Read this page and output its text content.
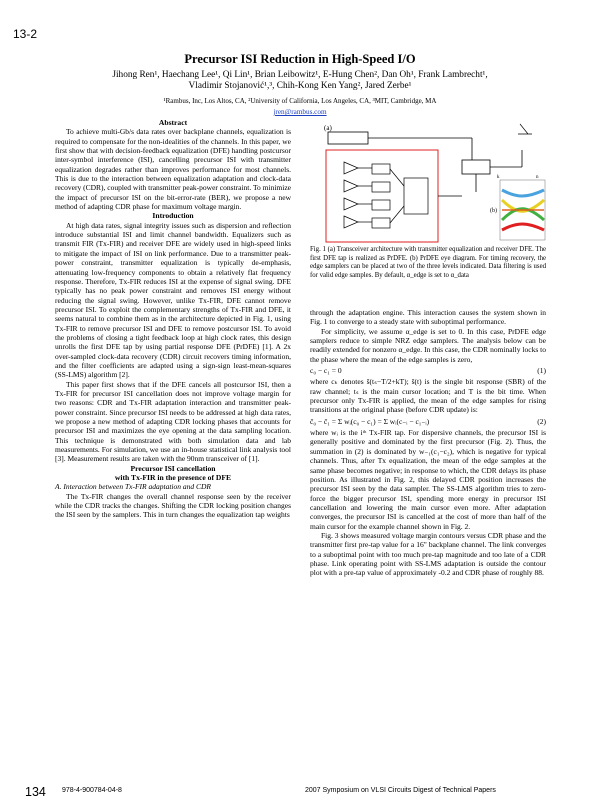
13-2
Precursor ISI Reduction in High-Speed I/O
Jihong Ren¹, Haechang Lee¹, Qi Lin¹, Brian Leibowitz¹, E-Hung Chen², Dan Oh¹, Frank Lambrecht¹,
Vladimir Stojanović¹,³, Chih-Kong Ken Yang², Jared Zerbe¹
¹Rambus, Inc, Los Altos, CA, ²University of California, Los Angeles, CA, ³MIT, Cambridge, MA
jren@rambus.com
Abstract

To achieve multi-Gb/s data rates over backplane channels, equalization is required to compensate for the non-idealities of the channels. In this paper, we first show that with decision-feedback equalization (DFE) handling postcursor inter-symbol interference (ISI), cancelling precursor ISI with transmitter equalization degrades rather than improves performance for most channels. This is due to the interaction between equalization adaptation and clock-data recovery (CDR), coupled with transmitter peak-power constraint. To minimize the impact of precursor ISI on the bit-error-rate (BER), we propose a new method of adapting CDR phase for maximum voltage margin.

Introduction

At high data rates, signal integrity issues such as dispersion and reflection introduce substantial ISI and limit channel bandwidth. Equalizers such as transmit FIR (Tx-FIR) and receiver DFE are widely used in high-speed links to mitigate the impact of ISI on link performance. Due to a transmitter peak-power constraint, transmitter equalization is typically de-emphasis, attenuating low-frequency components to obtain a relatively flat frequency response. Therefore, Tx-FIR reduces ISI at the expense of signal swing. DFE typically has no peak power constraint and removes ISI energy without reducing the signal swing. However, unlike Tx-FIR, DFE cannot remove precursor ISI. To exploit the complementary strengths of Tx-FIR and DFE, it seems natural to combine them as in the architecture depicted in Fig. 1, using Tx-FIR to remove precursor ISI and DFE to remove postcursor ISI. To avoid the problems of closing a tight feedback loop at high clock rates, this design unrolls the first DFE tap by using partial response DFE (PrDFE) [1]. A 2x over-sampled clock-data recovery (CDR) circuit recovers timing information, and the filter coefficients are adapted using a sign-sign least-mean-squares (SS-LMS) algorithm [2].

This paper first shows that if the DFE cancels all postcursor ISI, then a Tx-FIR for precursor ISI cancellation does not improve voltage margin for two reasons: CDR and Tx-FIR adaptation interaction and transmitter peak-power constraint. Since precursor ISI needs to be addressed at high data rates, we propose a new method of adapting CDR locking phases that accounts for precursor ISI and maximizes the eye opening at the data sampling location. This technique is demonstrated with both simulation data and lab measurements. For simulation, we use an in-house statistical link analysis tool [3]. Measurement results are taken with the 90nm transceiver of [1].

Precursor ISI cancellation
with Tx-FIR in the presence of DFE
A. Interaction between Tx-FIR adaptation and CDR

The Tx-FIR changes the overall channel response seen by the receiver while the CDR tracks the changes. Shifting the CDR locking position changes the ISI seen by the samplers. This in turn changes the equalization tap weights

(a)
(b)
k	n
Fig. 1 (a) Transceiver architecture with transmitter equalization and receiver DFE. The first DFE tap is realized as PrDFE. (b) PrDFE eye diagram. For timing recovery, the edge samplers can be placed at two of the three levels indicated. Data filtering is used for valid edge samples. By default, α_edge is set to α_data

through the adaptation engine. This interaction causes the system shown in Fig. 1 to converge to a steady state with suboptimal performance.

For simplicity, we assume α_edge is set to 0. In this case, PrDFE edge samplers reduce to simple NRZ edge samplers. The analysis below can be readily extended for nonzero α_edge. In this case, the CDR nominally locks to the phase where the mean of the edge samples is zero,

c₀ − c₁ = 0	(1)

where cₖ denotes ŝ(tₛ−T/2+kT); ŝ(t) is the single bit response (SBR) of the raw channel; tₛ is the main cursor location; and T is the bit time. When precursor only Tx-FIR is applied, the mean of the edge samples for rising transitions at the original phase (before CDR update) is:

c̃₀ − c̃₁ = Σ wᵢ(c₀ − c₁) = Σ wᵢ(c₋ᵢ − c₁₋ᵢ)	(2)

where wᵢ is the iᵗʰ Tx-FIR tap. For dispersive channels, the precursor ISI is generally positive and dominated by the first precursor (Fig. 2). Thus, the summation in (2) is dominated by w₋₁(c₁−c₂), which is negative for typical channels. Thus, after Tx equalization, the mean of the edge samples at the same phase becomes negative; in response to which, the CDR delays its phase position. As illustrated in Fig. 2, this delayed CDR position increases the precursor ISI seen by the data sampler. The SS-LMS algorithm tries to zero-force the bigger precursor ISI, spending more energy in precursor ISI cancellation and lowering the main cursor even more. After adaptation converges, the precursor ISI is cancelled at the cost of more than half of the main cursor for the example channel shown in Fig. 2.

Fig. 3 shows measured voltage margin contours versus CDR phase and the transmitter first pre-tap value for a 16" backplane channel. The link converges to a suboptimal point with too much pre-tap magnitude and too late of a CDR phase. Link operating point with SS-LMS adaptation is outside the contour plot with a pre-tap value of approximately -0.2 and CDR phase of roughly 88.

134 978-4-900784-04-8	2007 Symposium on VLSI Circuits Digest of Technical Papers
